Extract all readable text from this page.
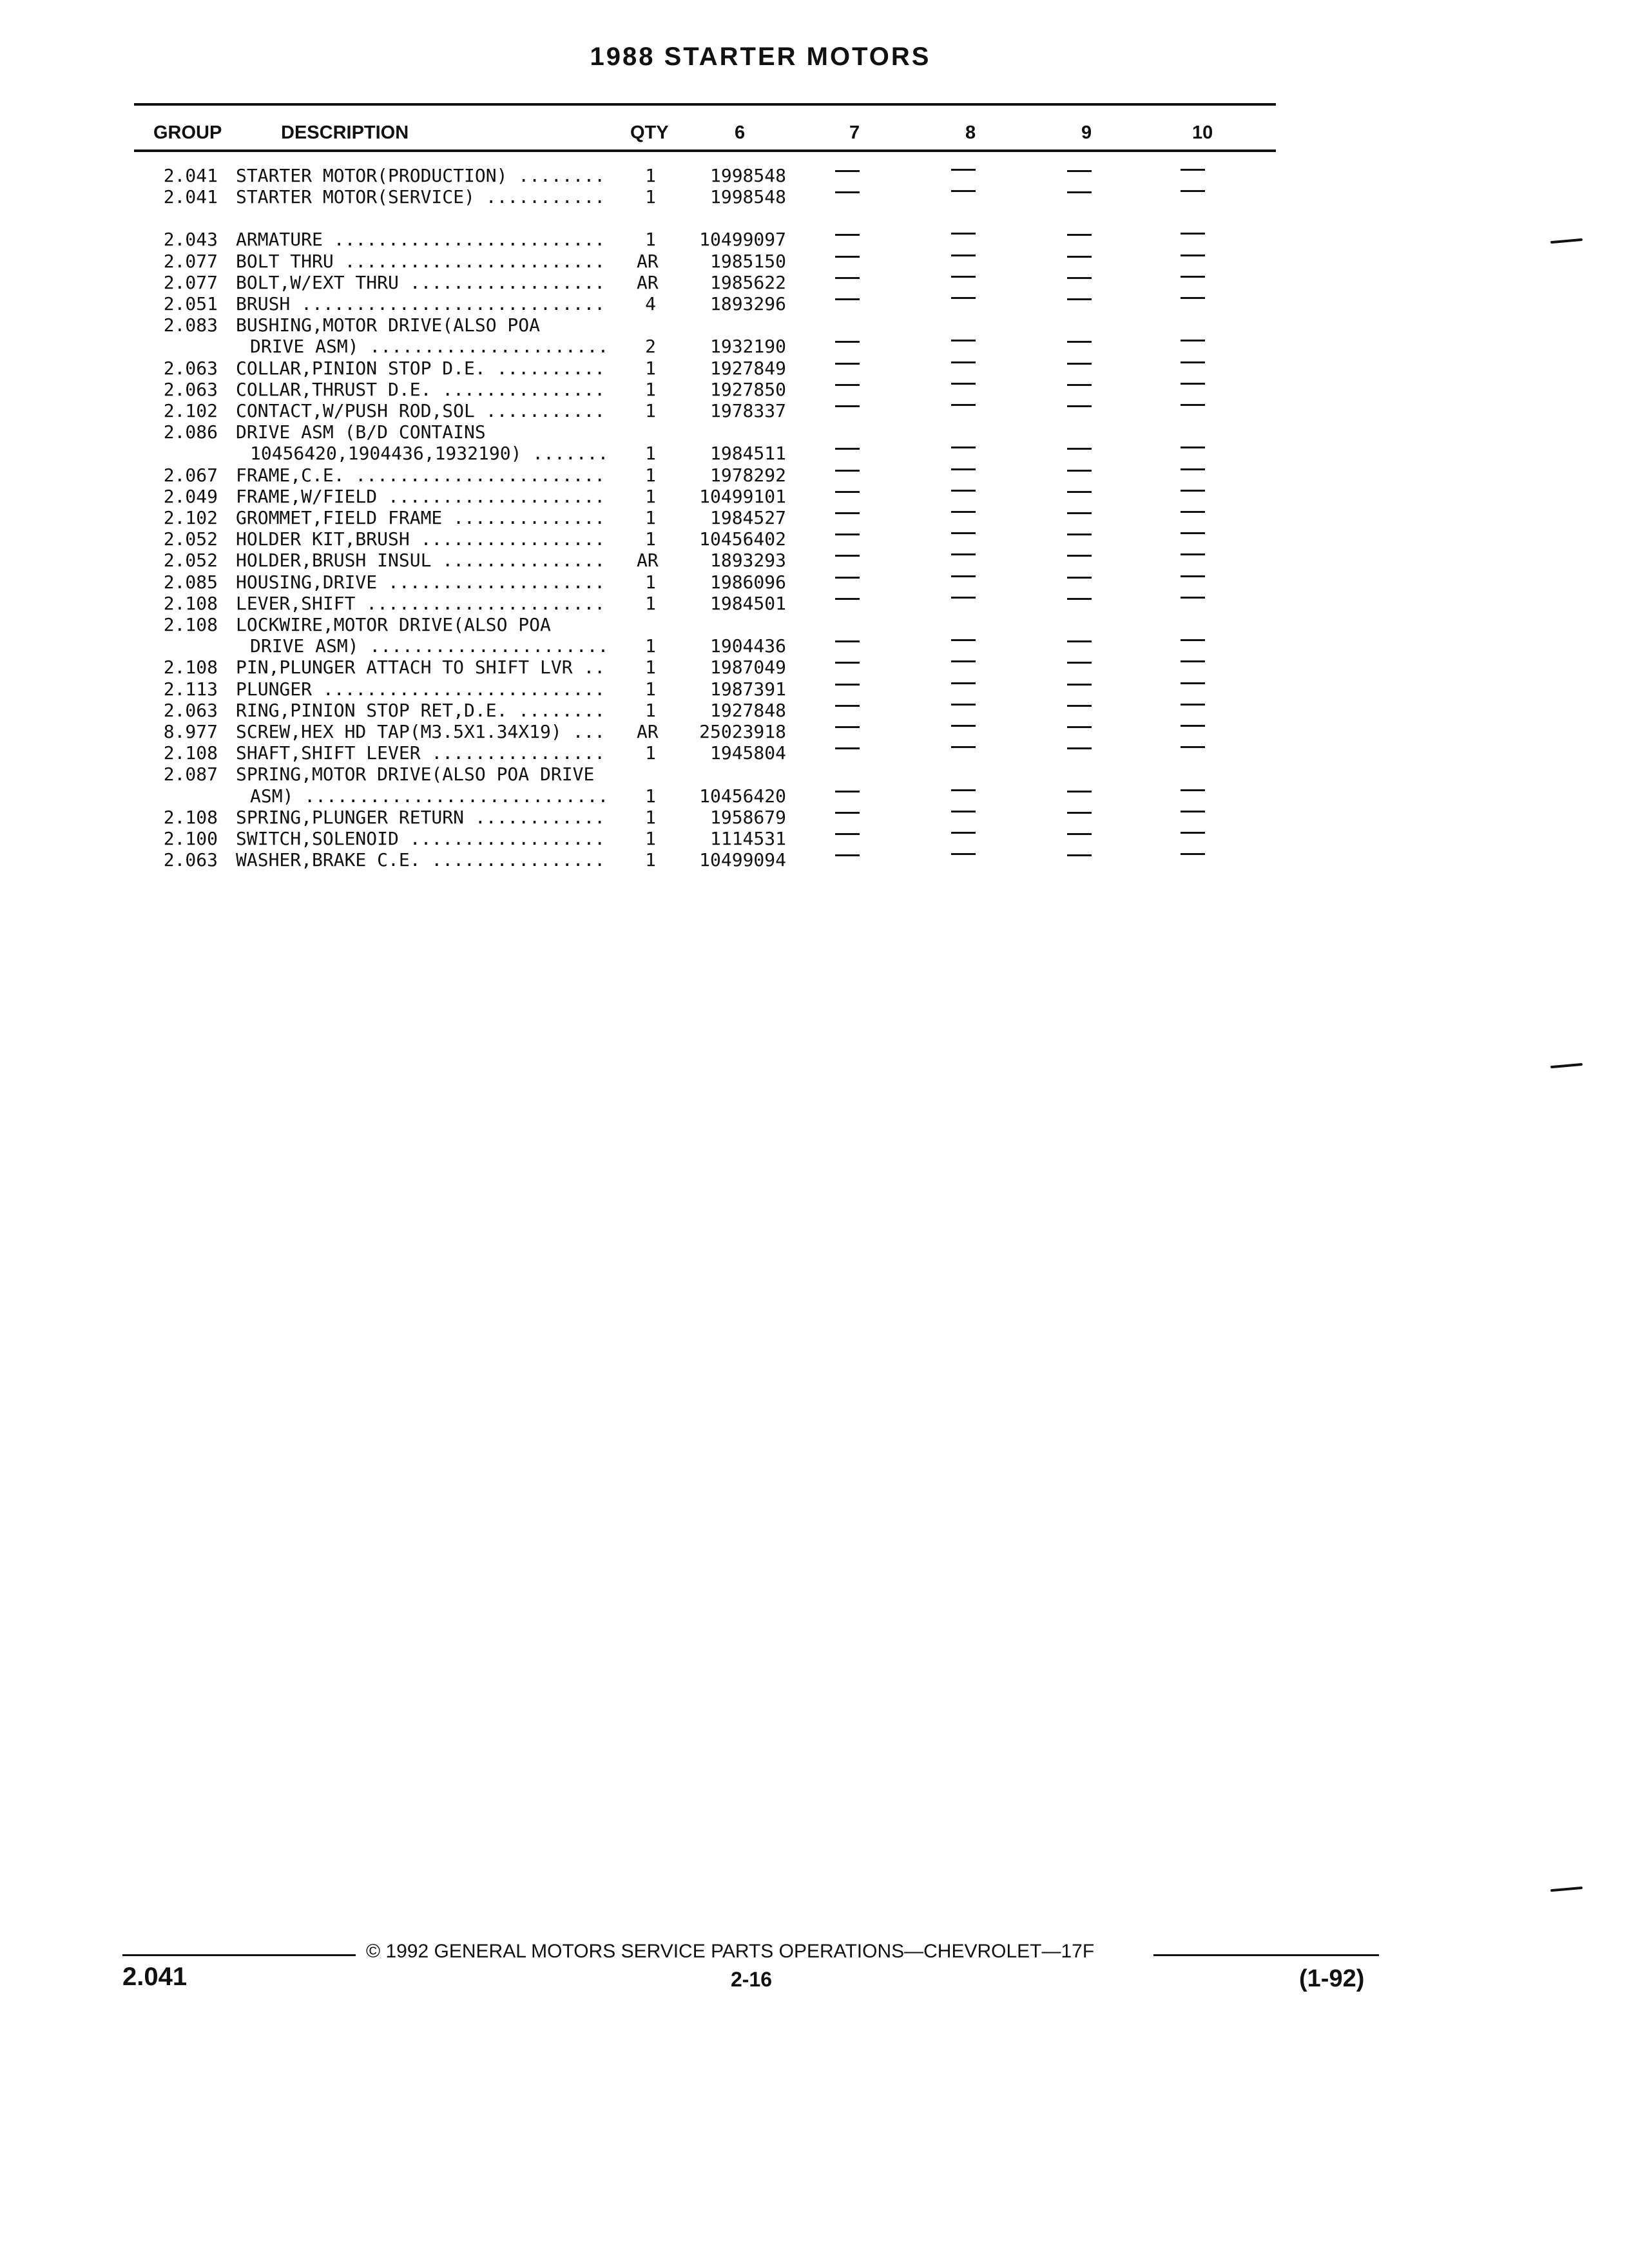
1988 STARTER MOTORS
GROUP	DESCRIPTION	QTY	6	7	8	9	10
2.041 STARTER MOTOR(PRODUCTION) ........	1	1998548
2.041 STARTER MOTOR(SERVICE) ...........	1	1998548
2.043 ARMATURE .........................	1	10499097
2.077 BOLT THRU ........................ AR	1985150
2.077 BOLT,W/EXT THRU .................. AR	1985622
2.051 BRUSH ............................	4	1893296
2.083 BUSHING,MOTOR DRIVE(ALSO POA
DRIVE ASM) ......................	2	1932190
2.063 COLLAR,PINION STOP D.E. ..........	1	1927849
2.063 COLLAR,THRUST D.E. ...............	1	1927850
2.102 CONTACT,W/PUSH ROD,SOL ...........	1	1978337
2.086 DRIVE ASM (B/D CONTAINS
10456420,1904436,1932190) .......	1	1984511
2.067 FRAME,C.E. .......................	1	1978292
2.049 FRAME,W/FIELD ....................	1	10499101
2.102 GROMMET,FIELD FRAME ..............	1	1984527
2.052 HOLDER KIT,BRUSH .................	1	10456402
2.052 HOLDER,BRUSH INSUL ............... AR	1893293
2.085 HOUSING,DRIVE ....................	1	1986096
2.108 LEVER,SHIFT ......................	1	1984501
2.108 LOCKWIRE,MOTOR DRIVE(ALSO POA
DRIVE ASM) ......................	1	1904436
2.108 PIN,PLUNGER ATTACH TO SHIFT LVR ..	1	1987049
2.113 PLUNGER ..........................	1	1987391
2.063 RING,PINION STOP RET,D.E. ........	1	1927848
8.977 SCREW,HEX HD TAP(M3.5X1.34X19) ... AR	25023918
2.108 SHAFT,SHIFT LEVER ................	1	1945804
2.087 SPRING,MOTOR DRIVE(ALSO POA DRIVE
ASM) ............................	1	10456420
2.108 SPRING,PLUNGER RETURN ............	1	1958679
2.100 SWITCH,SOLENOID ..................	1	1114531
2.063 WASHER,BRAKE C.E. ................	1	10499094
© 1992 GENERAL MOTORS SERVICE PARTS OPERATIONS—CHEVROLET—17F
2.041	2-16	(1-92)
